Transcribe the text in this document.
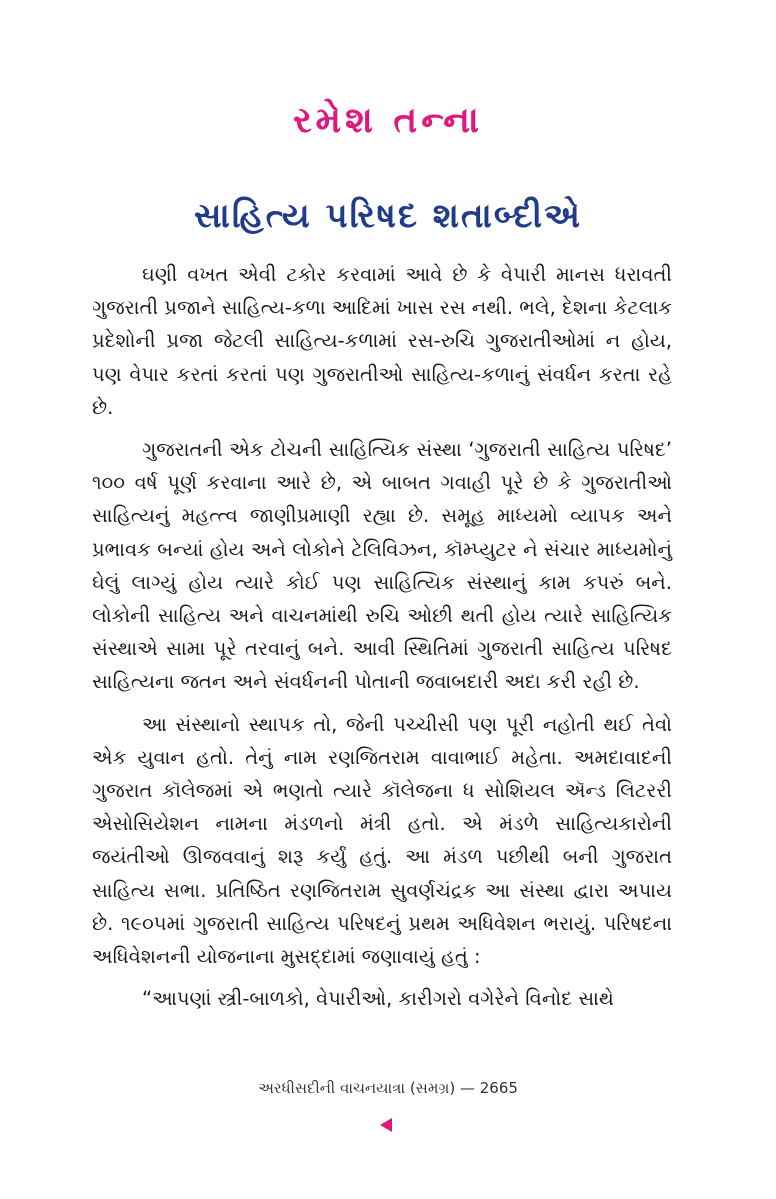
રમેશ તન્ના
સાહિત્ય પરિષદ શતાબ્દીએ

ઘણી વખત એવી ટકોર કરવામાં આવે છે કે વેપારી માનસ ધરાવતી ગુજરાતી પ્રજાને સાહિત્ય-કળા આદિમાં ખાસ રસ નથી. ભલે, દેશના કેટલાક પ્રદેશોની પ્રજા જેટલી સાહિત્ય-કળામાં રસ-રુચિ ગુજરાતીઓમાં ન હોય, પણ વેપાર કરતાં કરતાં પણ ગુજરાતીઓ સાહિત્ય-કળાનું સંવર્ધન કરતા રહે છે.

ગુજરાતની એક ટોચની સાહિત્યિક સંસ્થા ‘ગુજરાતી સાહિત્ય પરિષદ’ ૧૦૦ વર્ષ પૂર્ણ કરવાના આરે છે, એ બાબત ગવાહી પૂરે છે કે ગુજરાતીઓ સાહિત્યનું મહત્ત્વ જાણીપ્રમાણી રહ્યા છે. સમૂહ માધ્યમો વ્યાપક અને પ્રભાવક બન્યાં હોય અને લોકોને ટેલિવિઝન, કૉમ્પ્યુટર ને સંચાર માધ્યમોનું ઘેલું લાગ્યું હોય ત્યારે કોઈ પણ સાહિત્યિક સંસ્થાનું કામ કપરું બને. લોકોની સાહિત્ય અને વાચનમાંથી રુચિ ઓછી થતી હોય ત્યારે સાહિત્યિક સંસ્થાએ સામા પૂરે તરવાનું બને. આવી સ્થિતિમાં ગુજરાતી સાહિત્ય પરિષદ સાહિત્યના જતન અને સંવર્ધનની પોતાની જવાબદારી અદા કરી રહી છે.

આ સંસ્થાનો સ્થાપક તો, જેની પચ્ચીસી પણ પૂરી નહોતી થઈ તેવો એક યુવાન હતો. તેનું નામ રણજિતરામ વાવાભાઈ મહેતા. અમદાવાદની ગુજરાત કૉલેજમાં એ ભણતો ત્યારે કૉલેજના ધ સોશિયલ ઍન્ડ લિટરરી એસોસિયેશન નામના મંડળનો મંત્રી હતો. એ મંડળે સાહિત્યકારોની જયંતીઓ ઊજવવાનું શરૂ કર્યું હતું. આ મંડળ પછીથી બની ગુજરાત સાહિત્ય સભા. પ્રતિષ્ઠિત રણજિતરામ સુવર્ણચંદ્રક આ સંસ્થા દ્વારા અપાય છે. ૧૯૦૫માં ગુજરાતી સાહિત્ય પરિષદનું પ્રથમ અધિવેશન ભરાયું. પરિષદના અધિવેશનની યોજનાના મુસદ્દામાં જણાવાયું હતું :

“આપણાં સ્ત્રી-બાળકો, વેપારીઓ, કારીગરો વગેરેને વિનોદ સાથે

અરધીસદીની વાચનયાત્રા (સમગ્ર) — 2665
